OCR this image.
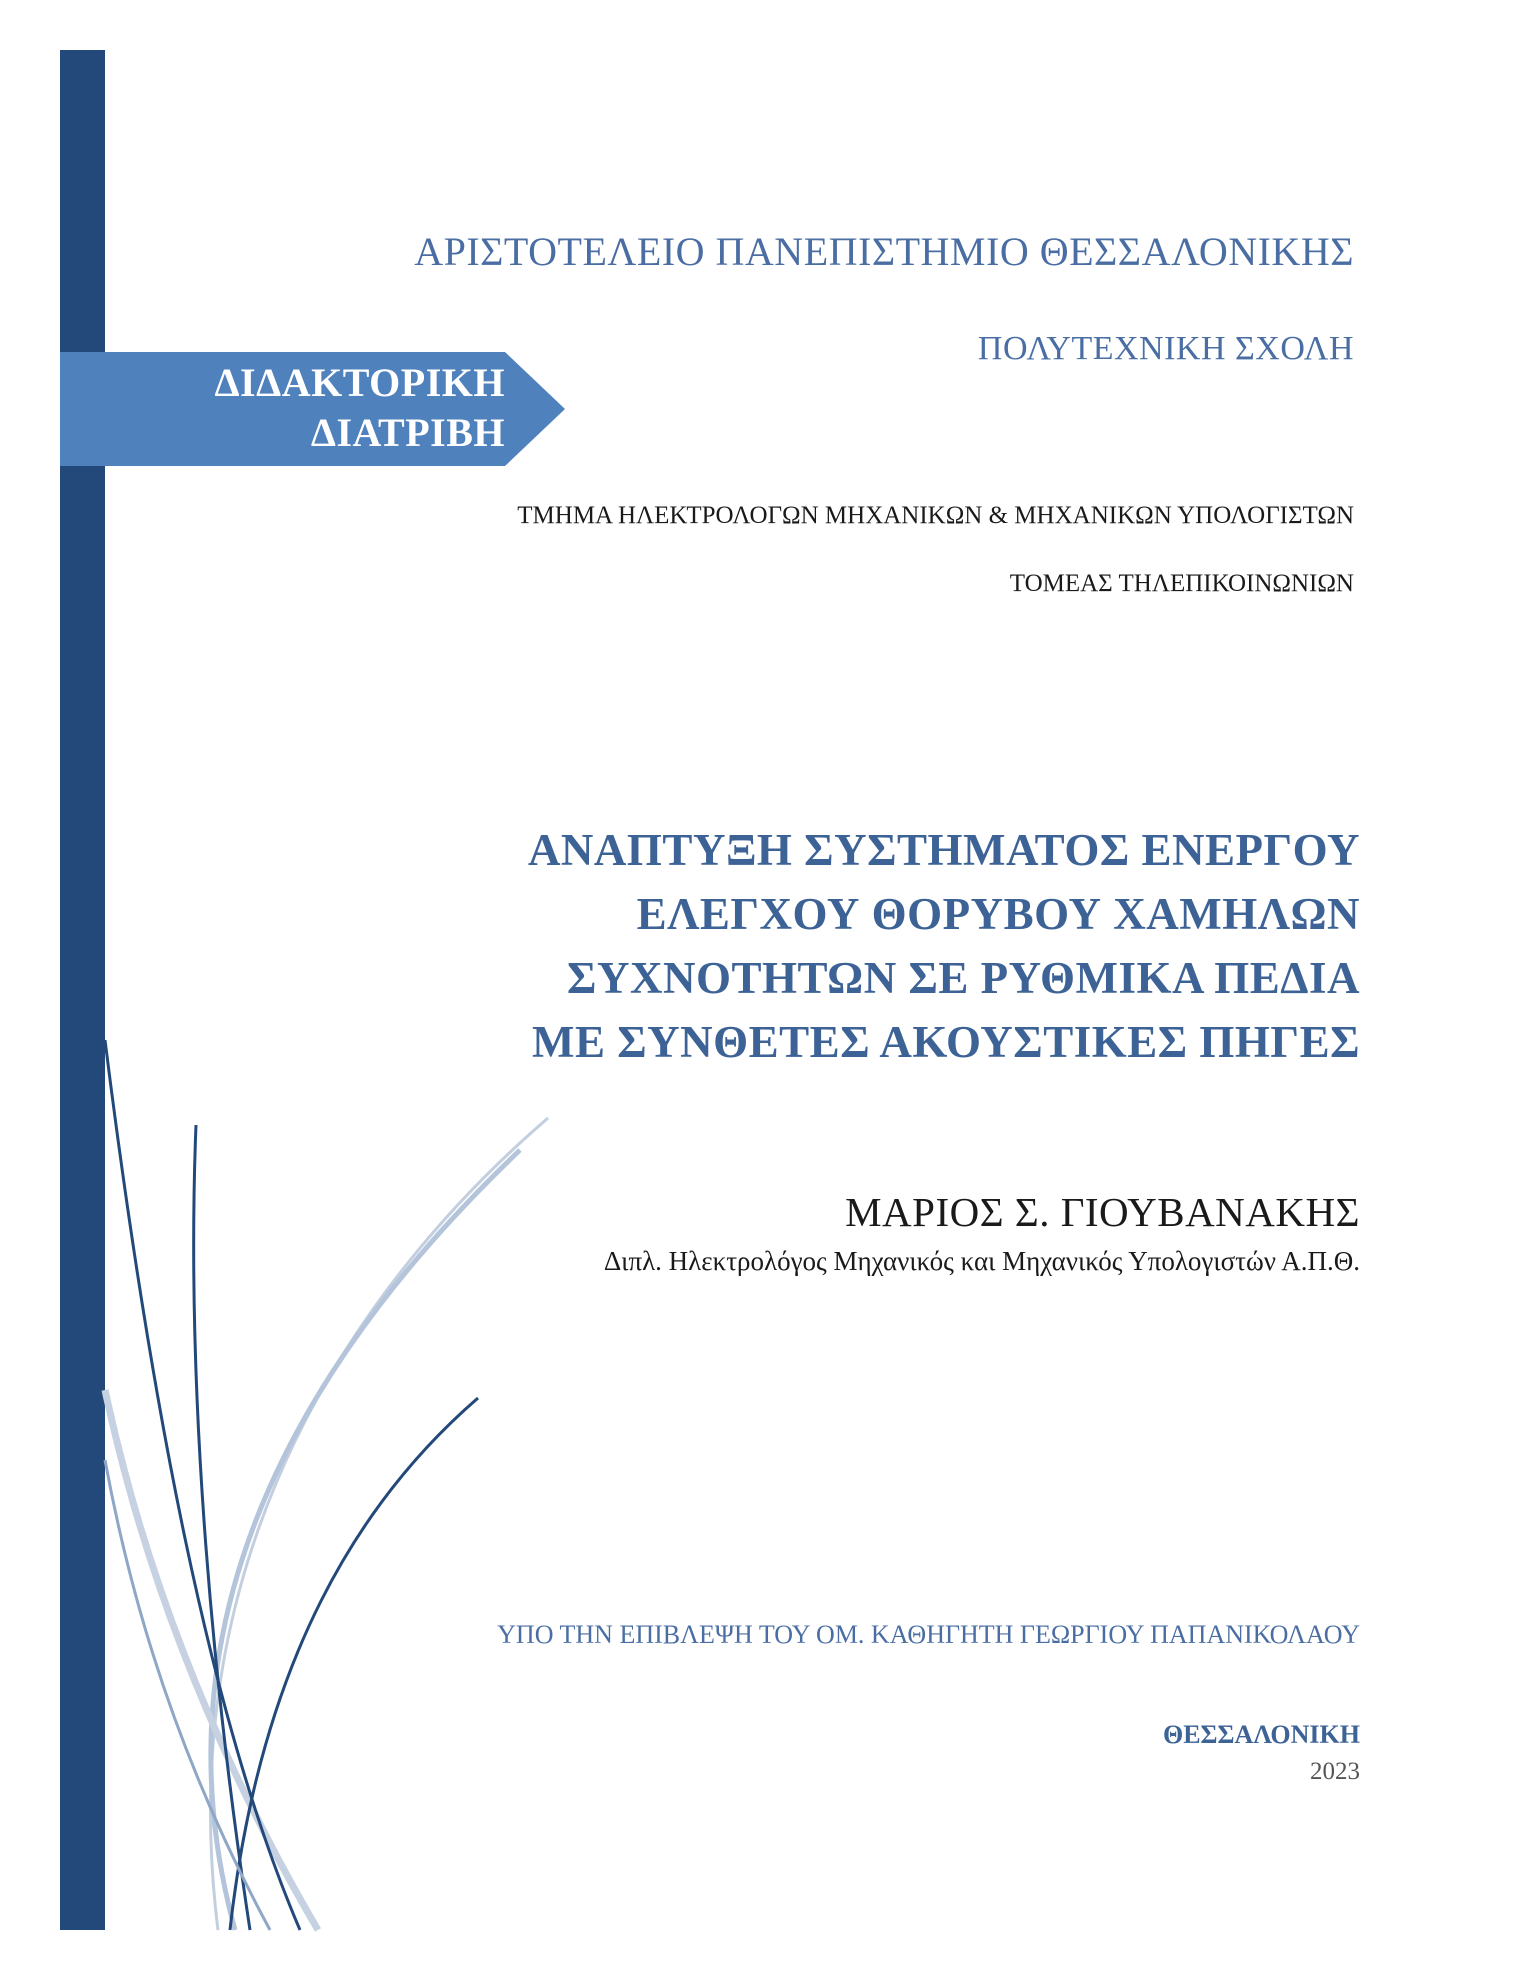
ΔΙΔΑΚΤΟΡΙΚΗ
ΔΙΑΤΡΙΒΗ
ΑΡΙΣΤΟΤΕΛΕΙΟ ΠΑΝΕΠΙΣΤΗΜΙΟ ΘΕΣΣΑΛΟΝΙΚΗΣ
ΠΟΛΥΤΕΧΝΙΚΗ ΣΧΟΛΗ
ΤΜΗΜΑ ΗΛΕΚΤΡΟΛΟΓΩΝ ΜΗΧΑΝΙΚΩΝ & ΜΗΧΑΝΙΚΩΝ ΥΠΟΛΟΓΙΣΤΩΝ
ΤΟΜΕΑΣ ΤΗΛΕΠΙΚΟΙΝΩΝΙΩΝ
ΑΝΑΠΤΥΞΗ ΣΥΣΤΗΜΑΤΟΣ ΕΝΕΡΓΟΥ
ΕΛΕΓΧΟΥ ΘΟΡΥΒΟΥ ΧΑΜΗΛΩΝ
ΣΥΧΝΟΤΗΤΩΝ ΣΕ ΡΥΘΜΙΚΑ ΠΕΔΙΑ
ΜΕ ΣΥΝΘΕΤΕΣ ΑΚΟΥΣΤΙΚΕΣ ΠΗΓΕΣ
ΜΑΡΙΟΣ Σ. ΓΙΟΥΒΑΝΑΚΗΣ
Διπλ. Ηλεκτρολόγος Μηχανικός και Μηχανικός Υπολογιστών Α.Π.Θ.
ΥΠΟ ΤΗΝ ΕΠΙΒΛΕΨΗ ΤΟΥ ΟΜ. ΚΑΘΗΓΗΤΗ ΓΕΩΡΓΙΟΥ ΠΑΠΑΝΙΚΟΛΑΟΥ
ΘΕΣΣΑΛΟΝΙΚΗ
2023
